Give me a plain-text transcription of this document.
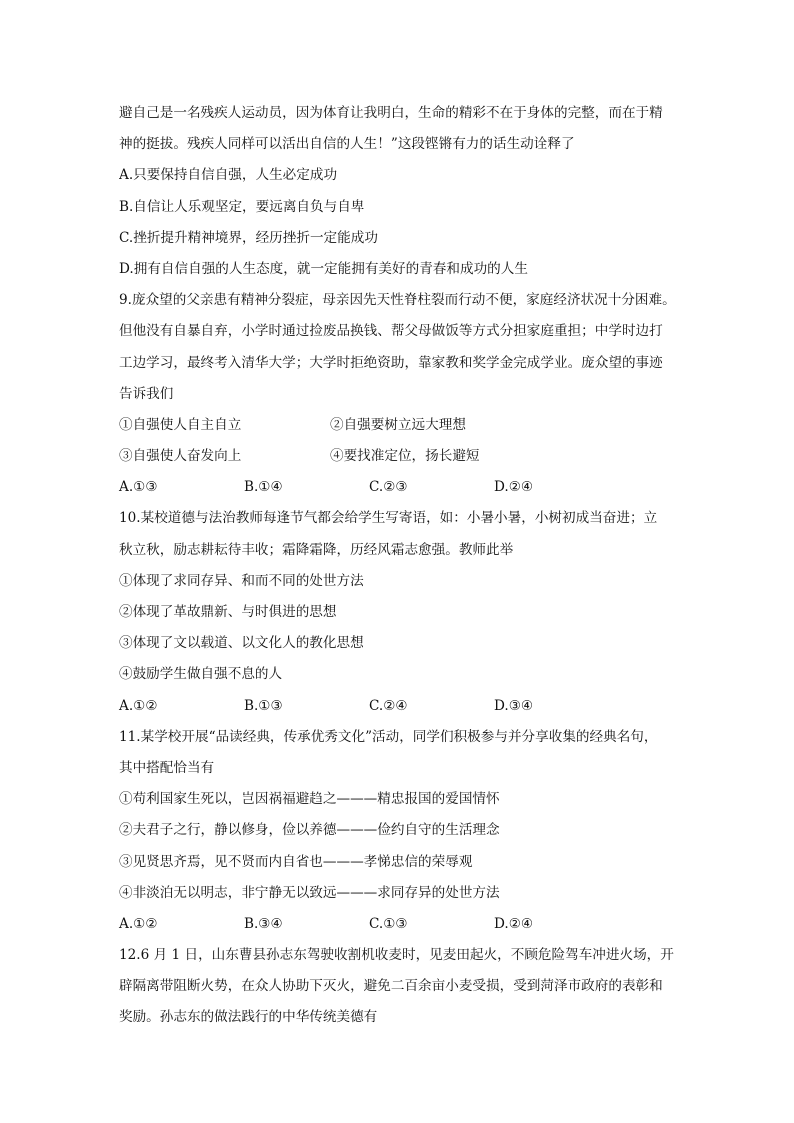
避自己是一名残疾人运动员，因为体育让我明白，生命的精彩不在于身体的完整，而在于精
神的挺拔。残疾人同样可以活出自信的人生！”这段铿锵有力的话生动诠释了
A.只要保持自信自强，人生必定成功
B.自信让人乐观坚定，要远离自负与自卑
C.挫折提升精神境界，经历挫折一定能成功
D.拥有自信自强的人生态度，就一定能拥有美好的青春和成功的人生
9.庞众望的父亲患有精神分裂症，母亲因先天性脊柱裂而行动不便，家庭经济状况十分困难。
但他没有自暴自弃，小学时通过捡废品换钱、帮父母做饭等方式分担家庭重担；中学时边打
工边学习，最终考入清华大学；大学时拒绝资助，靠家教和奖学金完成学业。庞众望的事迹
告诉我们
①自强使人自主自立	②自强要树立远大理想
③自强使人奋发向上	④要找准定位，扬长避短
A.①③	B.①④	C.②③	D.②④
10.某校道德与法治教师每逢节气都会给学生写寄语，如：小暑小暑，小树初成当奋进；立
秋立秋，励志耕耘待丰收；霜降霜降，历经风霜志愈强。教师此举
①体现了求同存异、和而不同的处世方法
②体现了革故鼎新、与时俱进的思想
③体现了文以载道、以文化人的教化思想
④鼓励学生做自强不息的人
A.①②	B.①③	C.②④	D.③④
11.某学校开展“品读经典，传承优秀文化”活动，同学们积极参与并分享收集的经典名句，
其中搭配恰当有
①苟利国家生死以，岂因祸福避趋之———精忠报国的爱国情怀
②夫君子之行，静以修身，俭以养德———俭约自守的生活理念
③见贤思齐焉，见不贤而内自省也———孝悌忠信的荣辱观
④非淡泊无以明志，非宁静无以致远———求同存异的处世方法
A.①②	B.③④	C.①③	D.②④
12.6 月 1 日，山东曹县孙志东驾驶收割机收麦时，见麦田起火，不顾危险驾车冲进火场，开
辟隔离带阻断火势，在众人协助下灭火，避免二百余亩小麦受损，受到菏泽市政府的表彰和
奖励。孙志东的做法践行的中华传统美德有
